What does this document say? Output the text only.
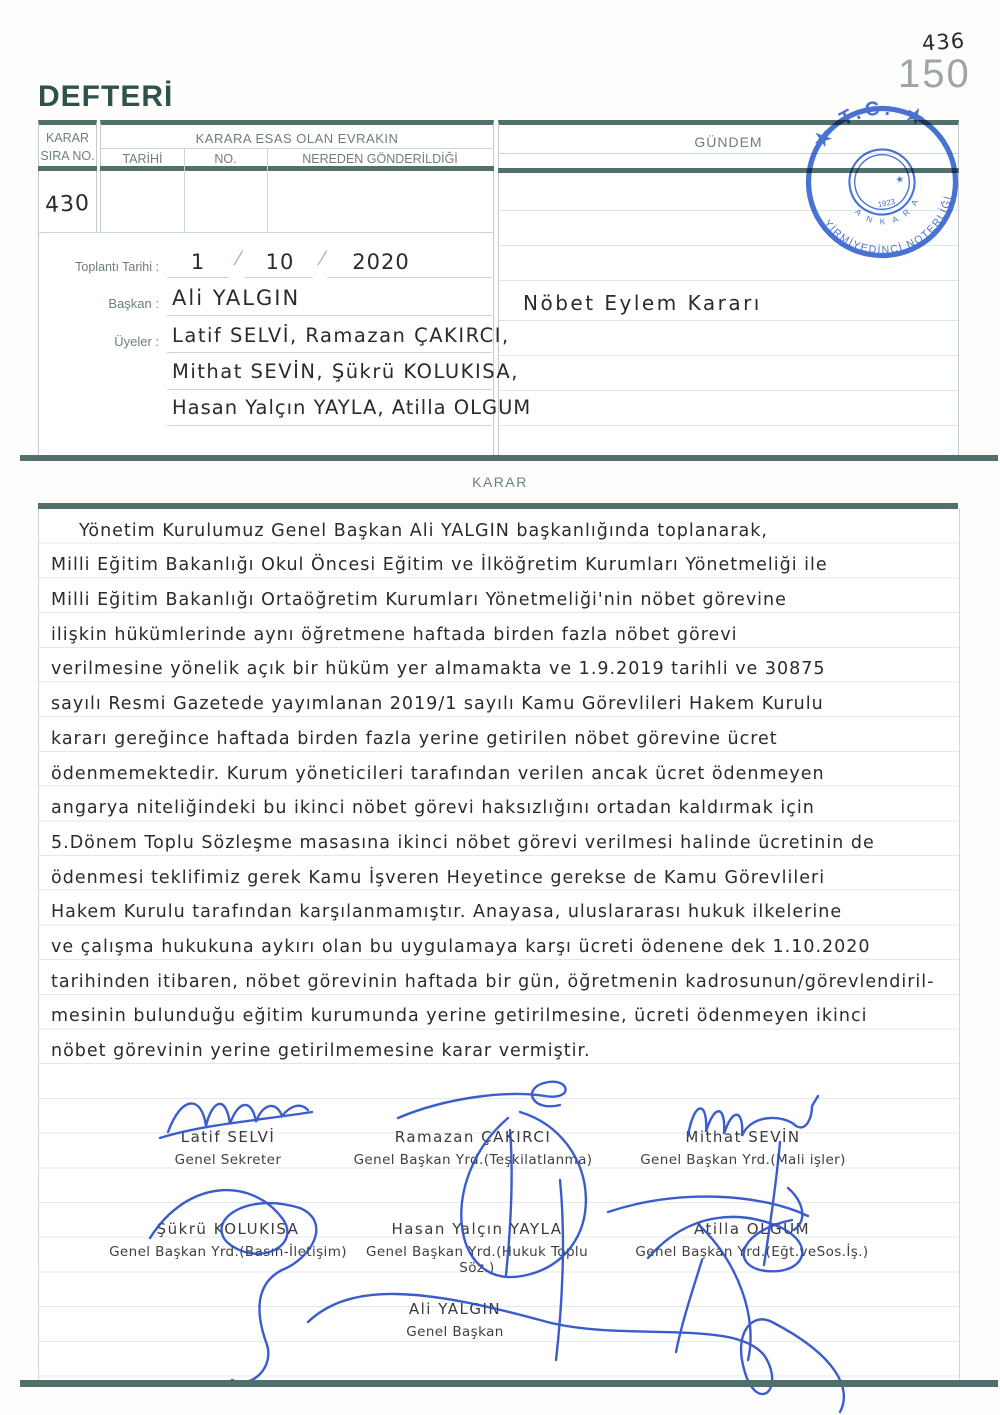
436
150
DEFTERİ
KARAR
SIRA NO.
430
KARARA ESAS OLAN EVRAKIN
TARİHİ	NO.	NEREDEN GÖNDERİLDİĞİ
GÜNDEM
Nöbet Eylem Kararı
Toplantı Tarihi :	1	/	10	/	2020
Başkan : Ali YALGIN
Üyeler : Latif SELVİ, Ramazan ÇAKIRCI,
Mithat SEVİN, Şükrü KOLUKISA,
Hasan Yalçın YAYLA, Atilla OLGUM
KARAR
Yönetim Kurulumuz Genel Başkan Ali YALGIN başkanlığında toplanarak,
Milli Eğitim Bakanlığı Okul Öncesi Eğitim ve İlköğretim Kurumları Yönetmeliği ile
Milli Eğitim Bakanlığı Ortaöğretim Kurumları Yönetmeliği'nin nöbet görevine
ilişkin hükümlerinde aynı öğretmene haftada birden fazla nöbet görevi
verilmesine yönelik açık bir hüküm yer almamakta ve 1.9.2019 tarihli ve 30875
sayılı Resmi Gazetede yayımlanan 2019/1 sayılı Kamu Görevlileri Hakem Kurulu
kararı gereğince haftada birden fazla yerine getirilen nöbet görevine ücret
ödenmemektedir. Kurum yöneticileri tarafından verilen ancak ücret ödenmeyen
angarya niteliğindeki bu ikinci nöbet görevi haksızlığını ortadan kaldırmak için
5.Dönem Toplu Sözleşme masasına ikinci nöbet görevi verilmesi halinde ücretinin de
ödenmesi teklifimiz gerek Kamu İşveren Heyetince gerekse de Kamu Görevlileri
Hakem Kurulu tarafından karşılanmamıştır. Anayasa, uluslararası hukuk ilkelerine
ve çalışma hukukuna aykırı olan bu uygulamaya karşı ücreti ödenene dek 1.10.2020
tarihinden itibaren, nöbet görevinin haftada bir gün, öğretmenin kadrosunun/görevlendiril-
mesinin bulunduğu eğitim kurumunda yerine getirilmesine, ücreti ödenmeyen ikinci
nöbet görevinin yerine getirilmemesine karar vermiştir.
Latif SELVİ
Genel Sekreter
Ramazan ÇAKIRCI
Genel Başkan Yrd.(Teşkilatlanma)
Mithat SEVİN
Genel Başkan Yrd.(Mali işler)
Şükrü KOLUKISA
Genel Başkan Yrd.(Basın-İletişim)
Hasan Yalçın YAYLA
Genel Başkan Yrd.(Hukuk Toplu Söz.)
Atilla OLGUM
Genel Başkan Yrd.(Eğt.veSos.İş.)
Ali YALGIN
Genel Başkan
★
1923
★ T.C. ★
A N K A R A
YİRMİYEDİNCİ NOTERLİĞİ
